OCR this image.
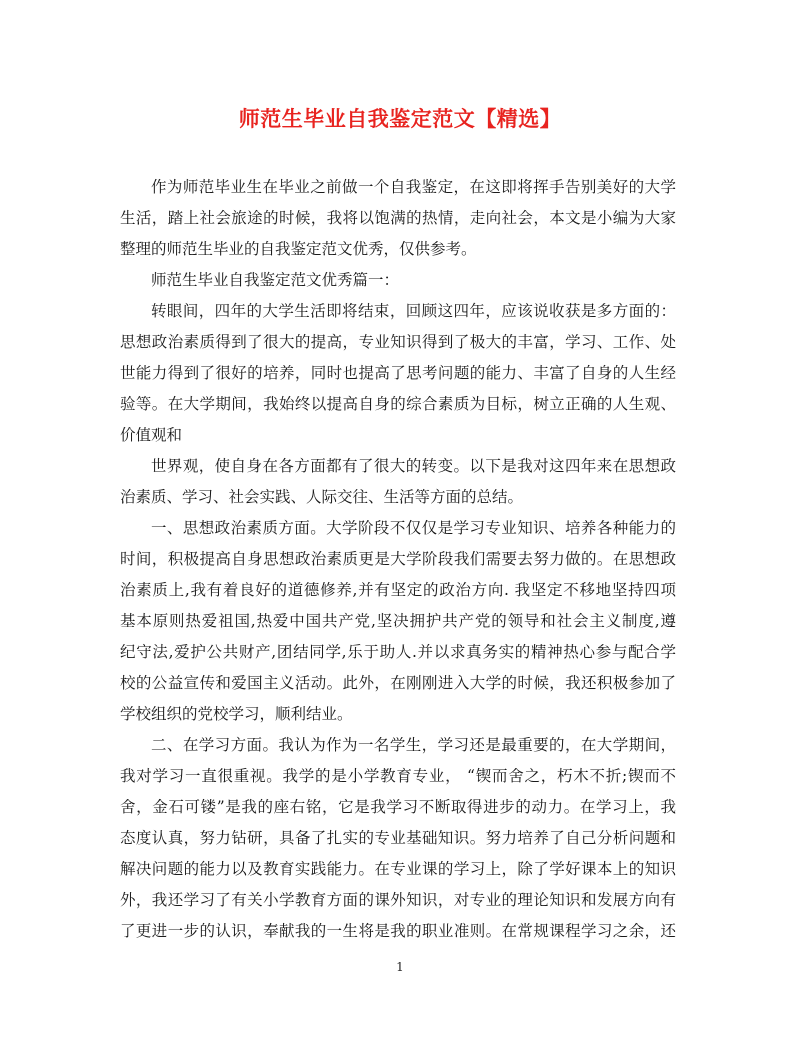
师范生毕业自我鉴定范文【精选】
作为师范毕业生在毕业之前做一个自我鉴定，在这即将挥手告别美好的大学
生活，踏上社会旅途的时候，我将以饱满的热情，走向社会，本文是小编为大家
整理的师范生毕业的自我鉴定范文优秀，仅供参考。
师范生毕业自我鉴定范文优秀篇一：
转眼间，四年的大学生活即将结束，回顾这四年，应该说收获是多方面的：
思想政治素质得到了很大的提高，专业知识得到了极大的丰富，学习、工作、处
世能力得到了很好的培养，同时也提高了思考问题的能力、丰富了自身的人生经
验等。在大学期间，我始终以提高自身的综合素质为目标，树立正确的人生观、
价值观和
世界观，使自身在各方面都有了很大的转变。以下是我对这四年来在思想政
治素质、学习、社会实践、人际交往、生活等方面的总结。
一、思想政治素质方面。大学阶段不仅仅是学习专业知识、培养各种能力的
时间，积极提高自身思想政治素质更是大学阶段我们需要去努力做的。在思想政
治素质上,我有着良好的道德修养,并有坚定的政治方向. 我坚定不移地坚持四项
基本原则热爱祖国,热爱中国共产党,坚决拥护共产党的领导和社会主义制度,遵
纪守法,爱护公共财产,团结同学,乐于助人.并以求真务实的精神热心参与配合学
校的公益宣传和爱国主义活动。此外，在刚刚进入大学的时候，我还积极参加了
学校组织的党校学习，顺利结业。
二、在学习方面。我认为作为一名学生，学习还是最重要的，在大学期间，
我对学习一直很重视。我学的是小学教育专业， “锲而舍之，朽木不折;锲而不
舍，金石可镂”是我的座右铭，它是我学习不断取得进步的动力。在学习上，我
态度认真，努力钻研，具备了扎实的专业基础知识。努力培养了自己分析问题和
解决问题的能力以及教育实践能力。在专业课的学习上，除了学好课本上的知识
外，我还学习了有关小学教育方面的课外知识，对专业的理论知识和发展方向有
了更进一步的认识，奉献我的一生将是我的职业准则。在常规课程学习之余，还
1
